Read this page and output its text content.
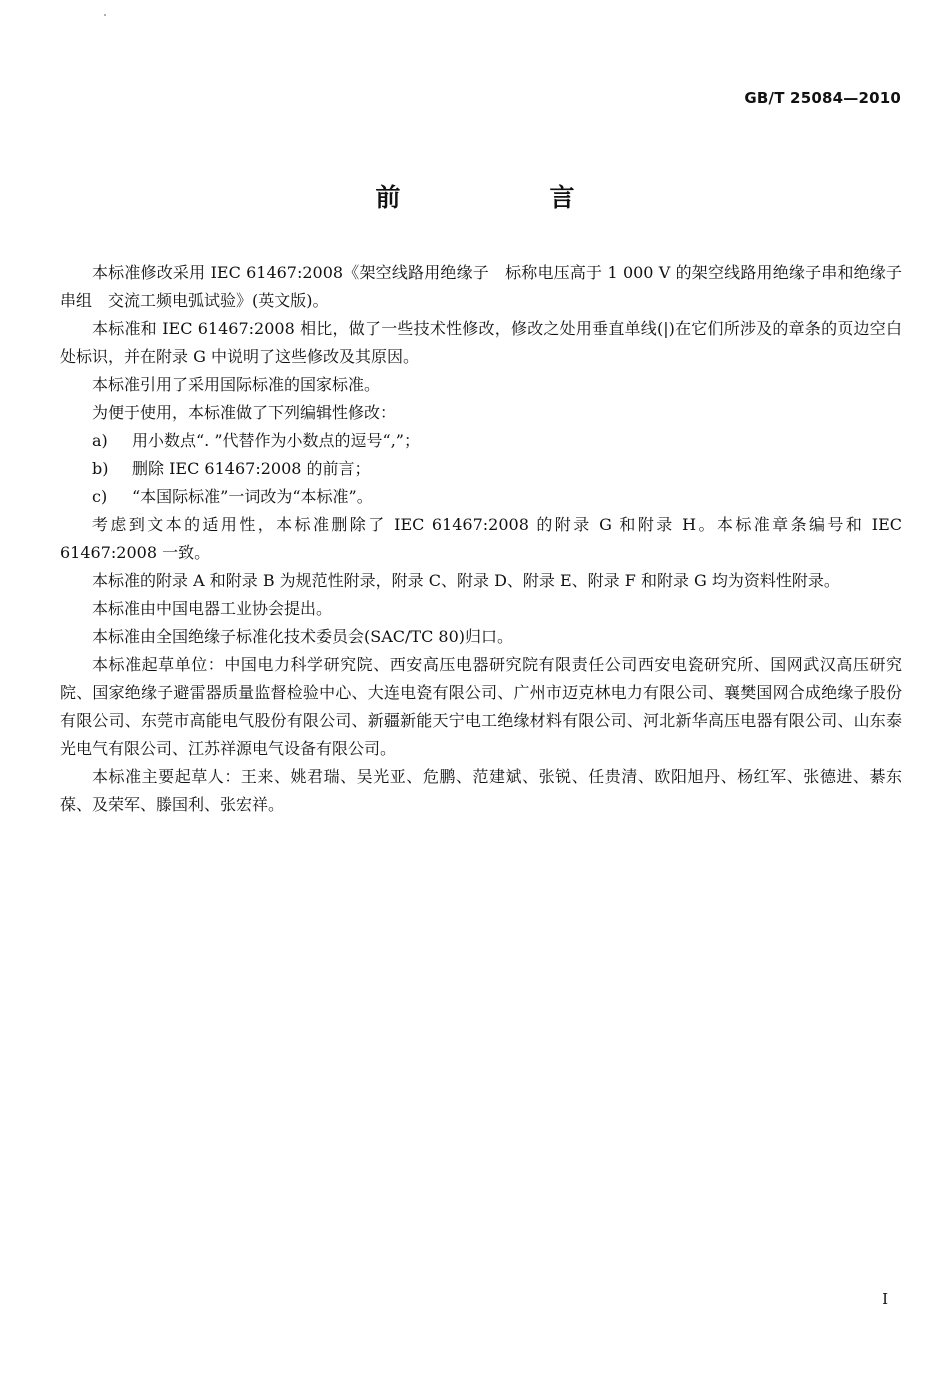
GB/T 25084—2010
前　言

本标准修改采用 IEC 61467:2008《架空线路用绝缘子　标称电压高于 1 000 V 的架空线路用绝缘子串和绝缘子串组　交流工频电弧试验》(英文版)。

本标准和 IEC 61467:2008 相比，做了一些技术性修改，修改之处用垂直单线(|)在它们所涉及的章条的页边空白处标识，并在附录 G 中说明了这些修改及其原因。

本标准引用了采用国际标准的国家标准。

为便于使用，本标准做了下列编辑性修改：

a) 用小数点“. ”代替作为小数点的逗号“,”；

b) 删除 IEC 61467:2008 的前言；

c) “本国际标准”一词改为“本标准”。

考虑到文本的适用性，本标准删除了 IEC 61467:2008 的附录 G 和附录 H。本标准章条编号和 IEC 61467:2008 一致。

本标准的附录 A 和附录 B 为规范性附录，附录 C、附录 D、附录 E、附录 F 和附录 G 均为资料性附录。

本标准由中国电器工业协会提出。

本标准由全国绝缘子标准化技术委员会(SAC/TC 80)归口。

本标准起草单位：中国电力科学研究院、西安高压电器研究院有限责任公司西安电瓷研究所、国网武汉高压研究院、国家绝缘子避雷器质量监督检验中心、大连电瓷有限公司、广州市迈克林电力有限公司、襄樊国网合成绝缘子股份有限公司、东莞市高能电气股份有限公司、新疆新能天宁电工绝缘材料有限公司、河北新华高压电器有限公司、山东泰光电气有限公司、江苏祥源电气设备有限公司。

本标准主要起草人：王来、姚君瑞、吴光亚、危鹏、范建斌、张锐、任贵清、欧阳旭丹、杨红军、张德进、綦东葆、及荣军、滕国利、张宏祥。

I
